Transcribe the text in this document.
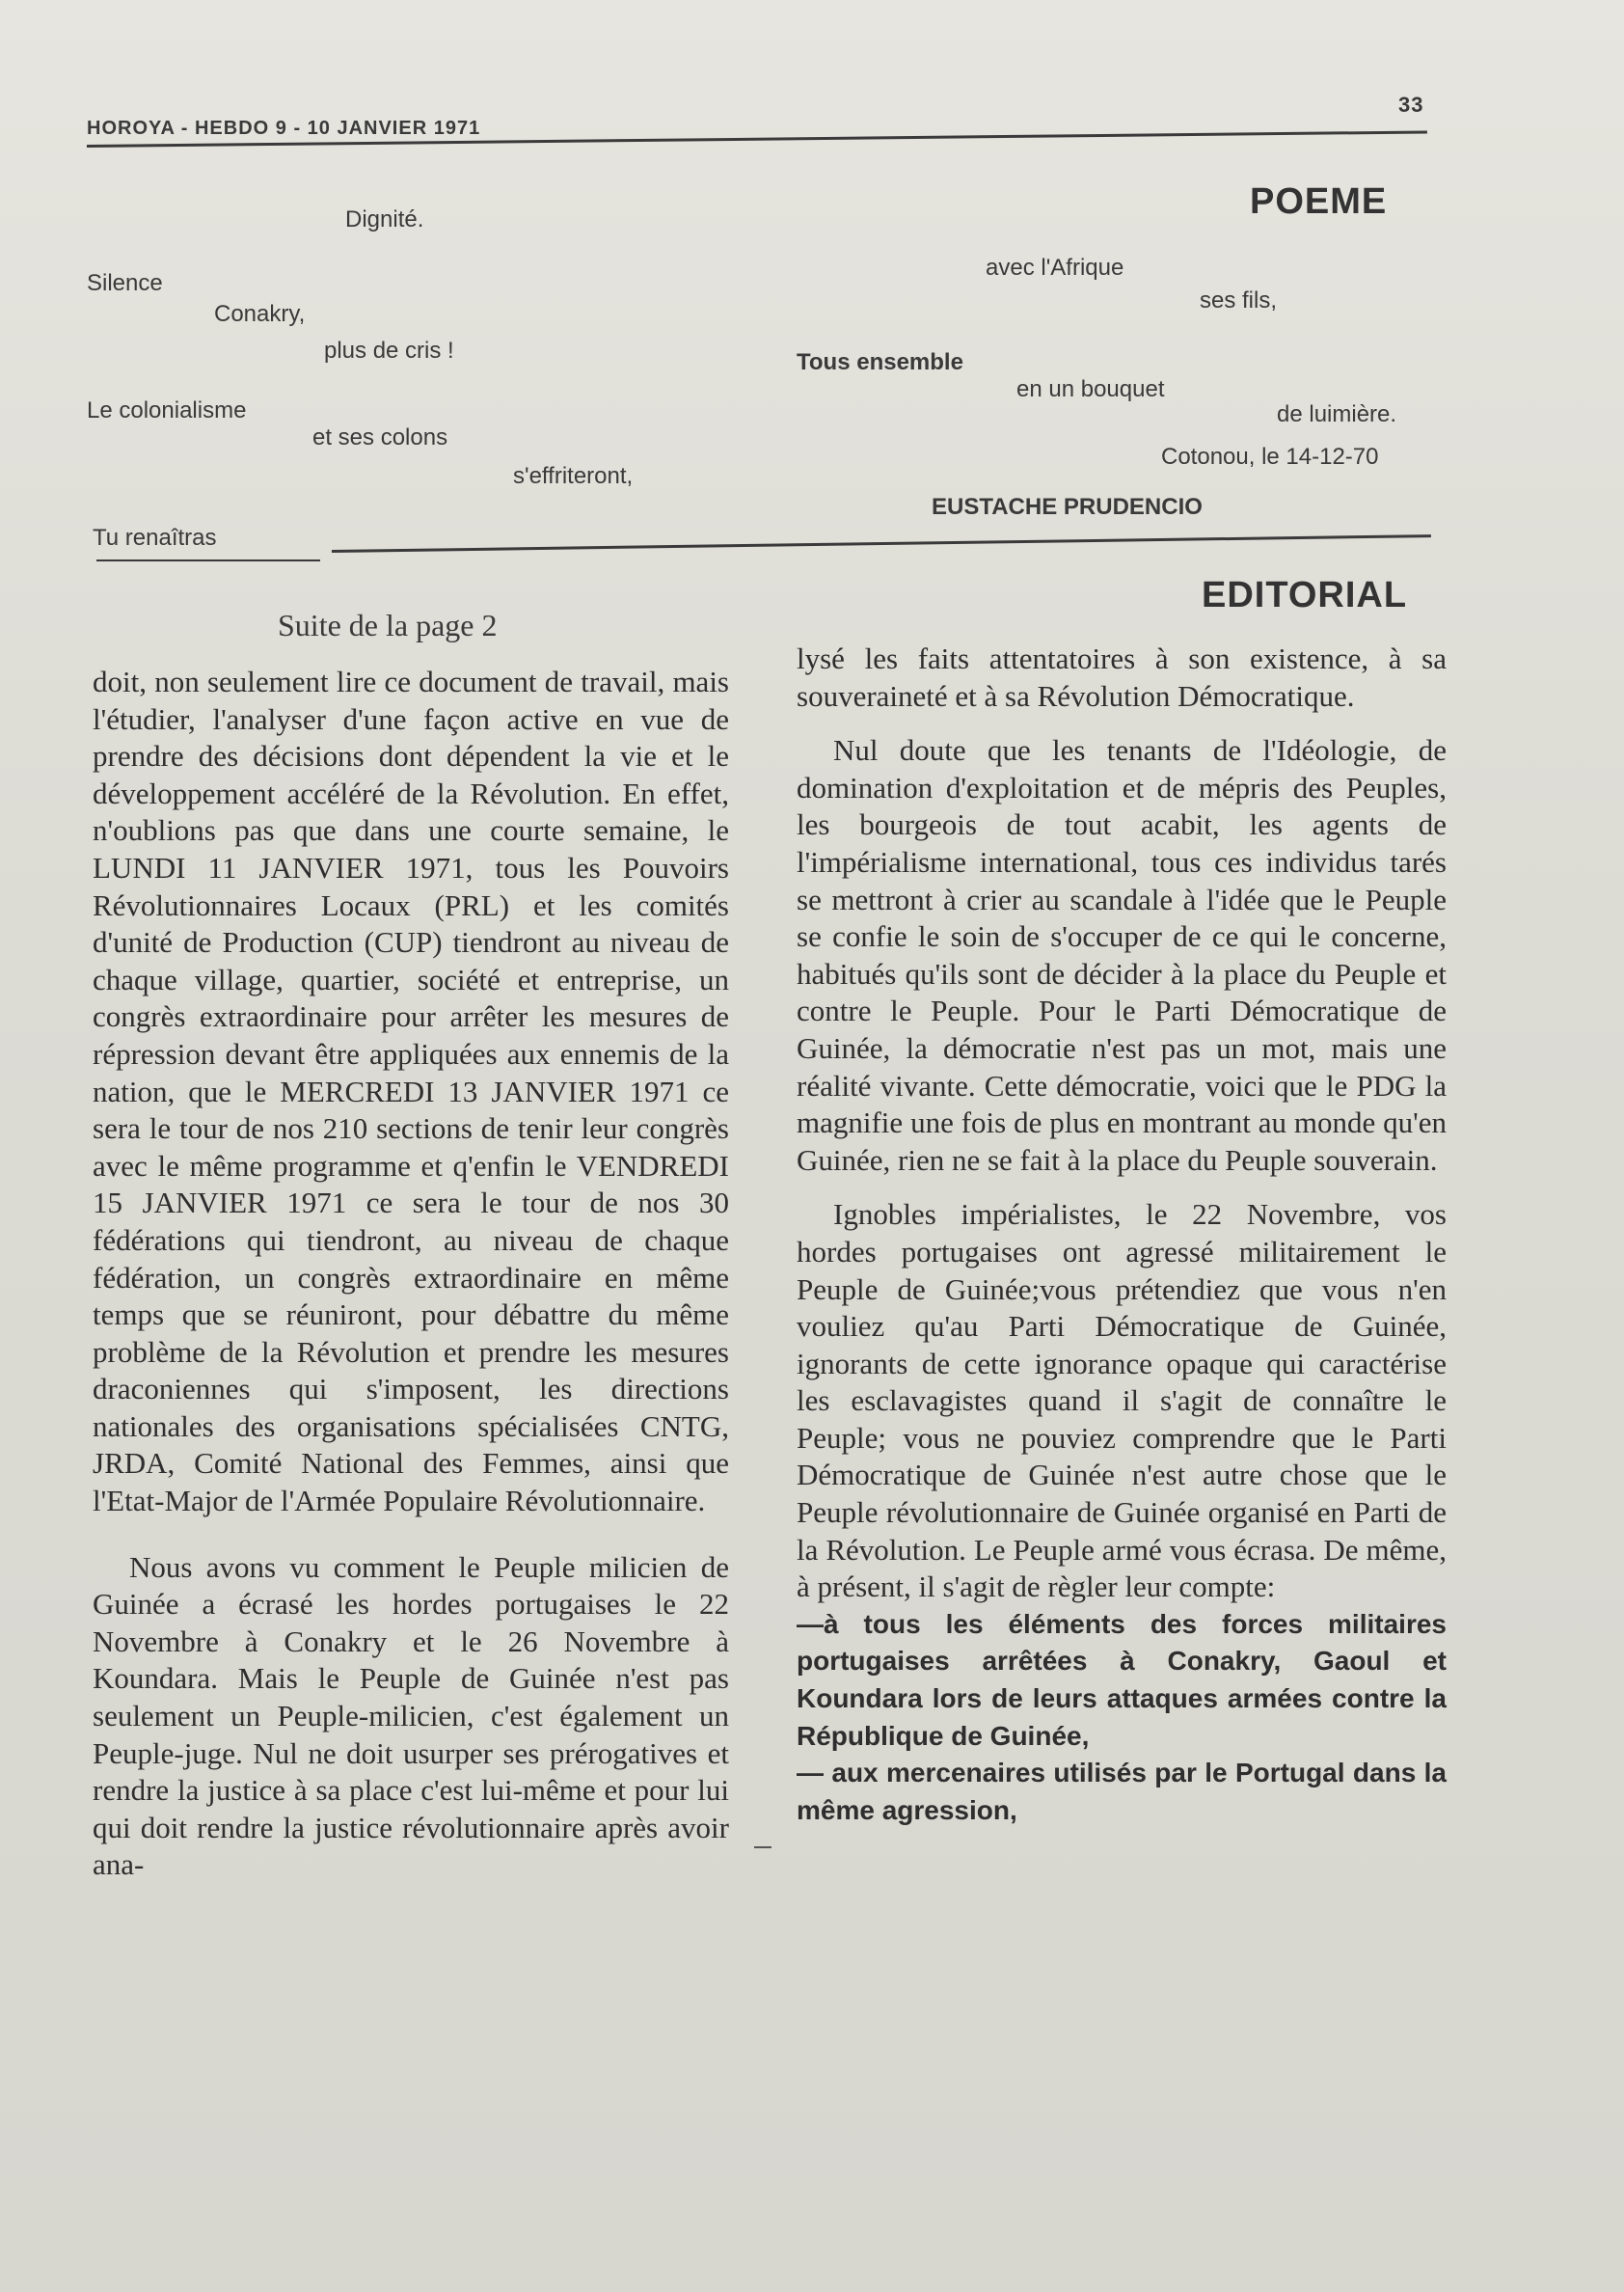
HOROYA - HEBDO 9 - 10 JANVIER 1971
33
POEME
Dignité.
Silence
Conakry,
plus de cris !
Le colonialisme
et ses colons
s'effriteront,
Tu renaîtras
avec l'Afrique
ses fils,
Tous ensemble
en un bouquet
de luimière.
Cotonou, le 14-12-70
EUSTACHE PRUDENCIO
EDITORIAL
Suite de la page 2

doit, non seulement lire ce document de travail, mais l'étudier, l'analyser d'une façon active en vue de prendre des décisions dont dépendent la vie et le développement accéléré de la Révolution. En effet, n'oublions pas que dans une courte semaine, le LUNDI 11 JANVIER 1971, tous les Pouvoirs Révolutionnaires Locaux (PRL) et les comités d'unité de Production (CUP) tiendront au niveau de chaque village, quartier, société et entreprise, un congrès extraordinaire pour arrêter les mesures de répression devant être appliquées aux ennemis de la nation, que le MERCREDI 13 JANVIER 1971 ce sera le tour de nos 210 sections de tenir leur congrès avec le même programme et q'enfin le VENDREDI 15 JANVIER 1971 ce sera le tour de nos 30 fédérations qui tiendront, au niveau de chaque fédération, un congrès extraordinaire en même temps que se réuniront, pour débattre du même problème de la Révolution et prendre les mesures draconiennes qui s'imposent, les directions nationales des organisations spécialisées CNTG, JRDA, Comité National des Femmes, ainsi que l'Etat-Major de l'Armée Populaire Révolutionnaire.

Nous avons vu comment le Peuple milicien de Guinée a écrasé les hordes portugaises le 22 Novembre à Conakry et le 26 Novembre à Koundara. Mais le Peuple de Guinée n'est pas seulement un Peuple-milicien, c'est également un Peuple-juge. Nul ne doit usurper ses prérogatives et rendre la justice à sa place c'est lui-même et pour lui qui doit rendre la justice révolutionnaire après avoir ana-

lysé les faits attentatoires à son existence, à sa souveraineté et à sa Révolution Démocratique.

Nul doute que les tenants de l'Idéologie, de domination d'exploitation et de mépris des Peuples, les bourgeois de tout acabit, les agents de l'impérialisme international, tous ces individus tarés se mettront à crier au scandale à l'idée que le Peuple se confie le soin de s'occuper de ce qui le concerne, habitués qu'ils sont de décider à la place du Peuple et contre le Peuple. Pour le Parti Démocratique de Guinée, la démocratie n'est pas un mot, mais une réalité vivante. Cette démocratie, voici que le PDG la magnifie une fois de plus en montrant au monde qu'en Guinée, rien ne se fait à la place du Peuple souverain.

Ignobles impérialistes, le 22 Novembre, vos hordes portugaises ont agressé militairement le Peuple de Guinée;vous prétendiez que vous n'en vouliez qu'au Parti Démocratique de Guinée, ignorants de cette ignorance opaque qui caractérise les esclavagistes quand il s'agit de connaître le Peuple; vous ne pouviez comprendre que le Parti Démocratique de Guinée n'est autre chose que le Peuple révolutionnaire de Guinée organisé en Parti de la Révolution. Le Peuple armé vous écrasa. De même, à présent, il s'agit de règler leur compte:

—à tous les éléments des forces militaires portugaises arrêtées à Conakry, Gaoul et Koundara lors de leurs attaques armées contre la République de Guinée,
— aux mercenaires utilisés par le Portugal dans la même agression,
